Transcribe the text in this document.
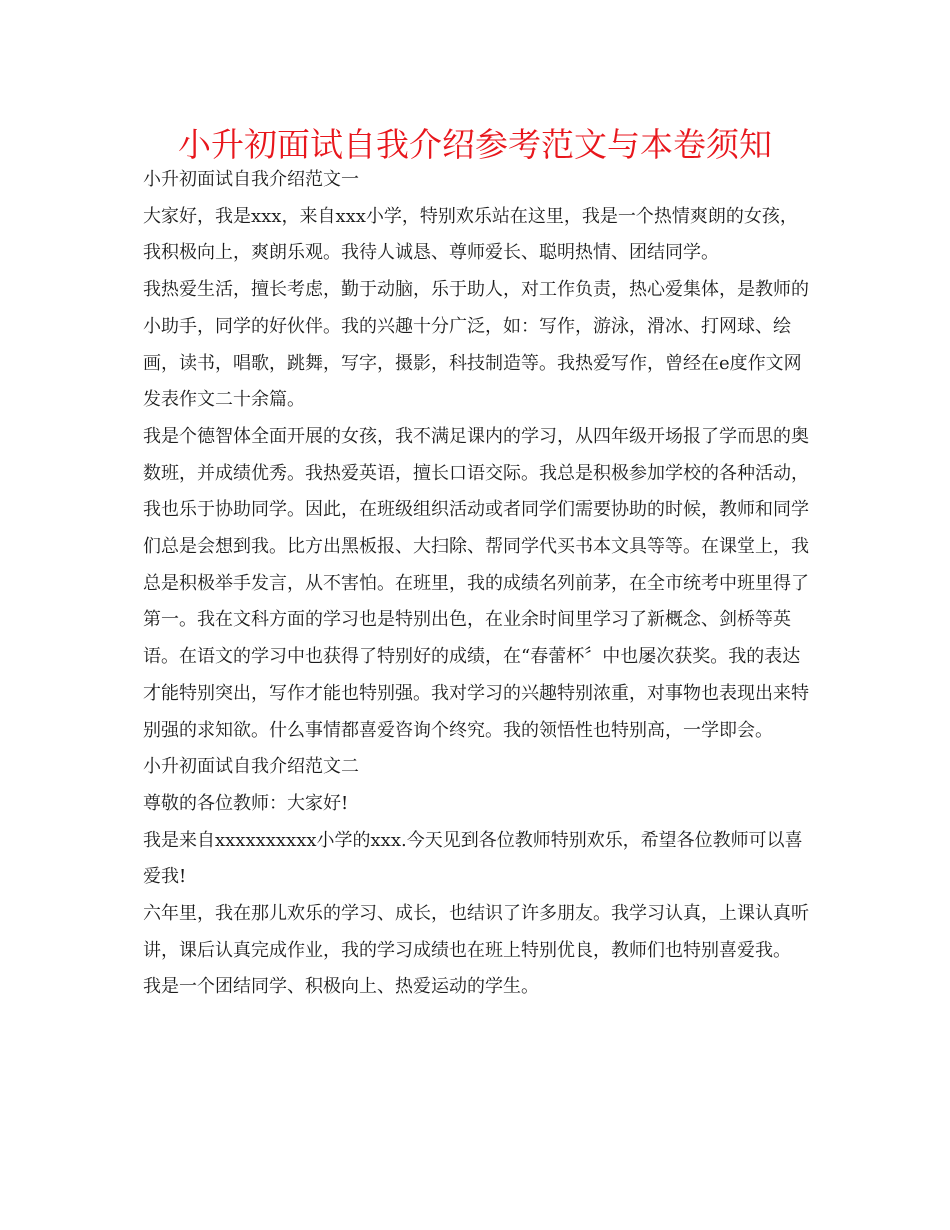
小升初面试自我介绍参考范文与本卷须知

小升初面试自我介绍范文一

大家好，我是xxx，来自xxx小学，特别欢乐站在这里，我是一个热情爽朗的女孩，我积极向上，爽朗乐观。我待人诚恳、尊师爱长、聪明热情、团结同学。

我热爱生活，擅长考虑，勤于动脑，乐于助人，对工作负责，热心爱集体，是教师的小助手，同学的好伙伴。我的兴趣十分广泛，如：写作，游泳，滑冰、打网球、绘画，读书，唱歌，跳舞，写字，摄影，科技制造等。我热爱写作，曾经在e度作文网发表作文二十余篇。

我是个德智体全面开展的女孩，我不满足课内的学习，从四年级开场报了学而思的奥数班，并成绩优秀。我热爱英语，擅长口语交际。我总是积极参加学校的各种活动，我也乐于协助同学。因此，在班级组织活动或者同学们需要协助的时候，教师和同学们总是会想到我。比方出黑板报、大扫除、帮同学代买书本文具等等。在课堂上，我总是积极举手发言，从不害怕。在班里，我的成绩名列前茅，在全市统考中班里得了第一。我在文科方面的学习也是特别出色，在业余时间里学习了新概念、剑桥等英语。在语文的学习中也获得了特别好的成绩，在“春蕾杯〞中也屡次获奖。我的表达才能特别突出，写作才能也特别强。我对学习的兴趣特别浓重，对事物也表现出来特别强的求知欲。什么事情都喜爱咨询个终究。我的领悟性也特别高，一学即会。

小升初面试自我介绍范文二

尊敬的各位教师：大家好!

我是来自xxxxxxxxxx小学的xxx.今天见到各位教师特别欢乐，希望各位教师可以喜爱我!

六年里，我在那儿欢乐的学习、成长，也结识了许多朋友。我学习认真，上课认真听讲，课后认真完成作业，我的学习成绩也在班上特别优良，教师们也特别喜爱我。

我是一个团结同学、积极向上、热爱运动的学生。
